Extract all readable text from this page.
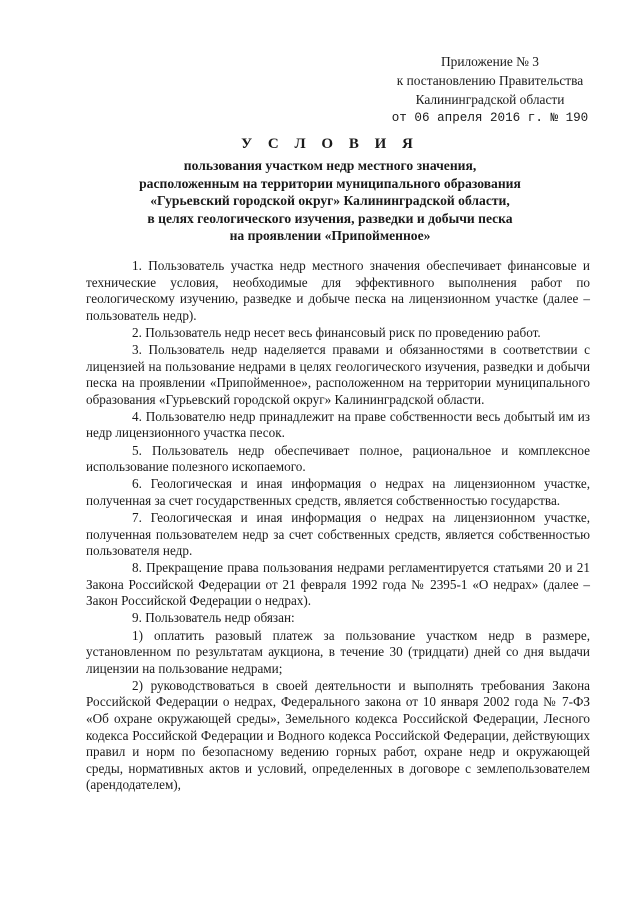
Приложение № 3
к постановлению Правительства
Калининградской области
от 06 апреля 2016 г. № 190
У С Л О В И Я
пользования участком недр местного значения,
расположенным на территории муниципального образования
«Гурьевский городской округ» Калининградской области,
в целях геологического изучения, разведки и добычи песка
на проявлении «Припойменное»

1. Пользователь участка недр местного значения обеспечивает финансовые и технические условия, необходимые для эффективного выполнения работ по геологическому изучению, разведке и добыче песка на лицензионном участке (далее – пользователь недр).

2. Пользователь недр несет весь финансовый риск по проведению работ.

3. Пользователь недр наделяется правами и обязанностями в соответствии с лицензией на пользование недрами в целях геологического изучения, разведки и добычи песка на проявлении «Припойменное», расположенном на территории муниципального образования «Гурьевский городской округ» Калининградской области.

4. Пользователю недр принадлежит на праве собственности весь добытый им из недр лицензионного участка песок.

5. Пользователь недр обеспечивает полное, рациональное и комплексное использование полезного ископаемого.

6. Геологическая и иная информация о недрах на лицензионном участке, полученная за счет государственных средств, является собственностью государства.

7. Геологическая и иная информация о недрах на лицензионном участке, полученная пользователем недр за счет собственных средств, является собственностью пользователя недр.

8. Прекращение права пользования недрами регламентируется статьями 20 и 21 Закона Российской Федерации от 21 февраля 1992 года № 2395-1 «О недрах» (далее – Закон Российской Федерации о недрах).

9. Пользователь недр обязан:

1) оплатить разовый платеж за пользование участком недр в размере, установленном по результатам аукциона, в течение 30 (тридцати) дней со дня выдачи лицензии на пользование недрами;

2) руководствоваться в своей деятельности и выполнять требования Закона Российской Федерации о недрах, Федерального закона от 10 января 2002 года № 7-ФЗ «Об охране окружающей среды», Земельного кодекса Российской Федерации, Лесного кодекса Российской Федерации и Водного кодекса Российской Федерации, действующих правил и норм по безопасному ведению горных работ, охране недр и окружающей среды, нормативных актов и условий, определенных в договоре с землепользователем (арендодателем),
